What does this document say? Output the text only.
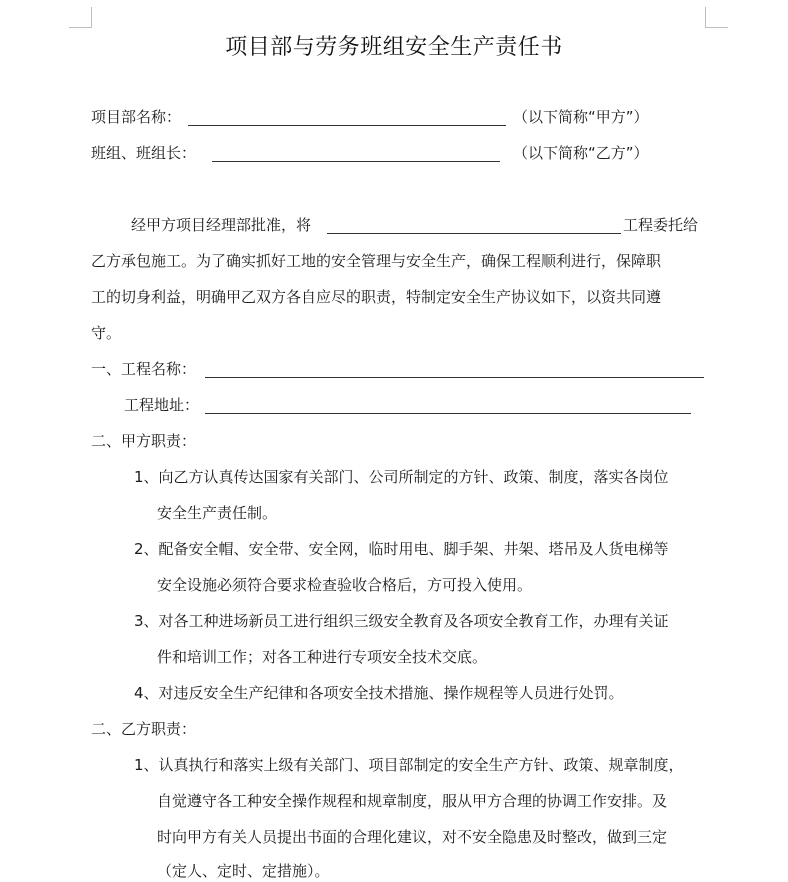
项目部与劳务班组安全生产责任书
项目部名称：	（以下简称“甲方”）
班组、班组长：	（以下简称“乙方”）
经甲方项目经理部批准，将	工程委托给
乙方承包施工。为了确实抓好工地的安全管理与安全生产，确保工程顺利进行，保障职
工的切身利益，明确甲乙双方各自应尽的职责，特制定安全生产协议如下，以资共同遵
守。
一、工程名称：
工程地址：
二、甲方职责：
1、向乙方认真传达国家有关部门、公司所制定的方针、政策、制度，落实各岗位
安全生产责任制。
2、配备安全帽、安全带、安全网，临时用电、脚手架、井架、塔吊及人货电梯等
安全设施必须符合要求检查验收合格后，方可投入使用。
3、对各工种进场新员工进行组织三级安全教育及各项安全教育工作，办理有关证
件和培训工作；对各工种进行专项安全技术交底。
4、对违反安全生产纪律和各项安全技术措施、操作规程等人员进行处罚。
二、乙方职责：
1、认真执行和落实上级有关部门、项目部制定的安全生产方针、政策、规章制度，
自觉遵守各工种安全操作规程和规章制度，服从甲方合理的协调工作安排。及
时向甲方有关人员提出书面的合理化建议，对不安全隐患及时整改，做到三定
（定人、定时、定措施）。
